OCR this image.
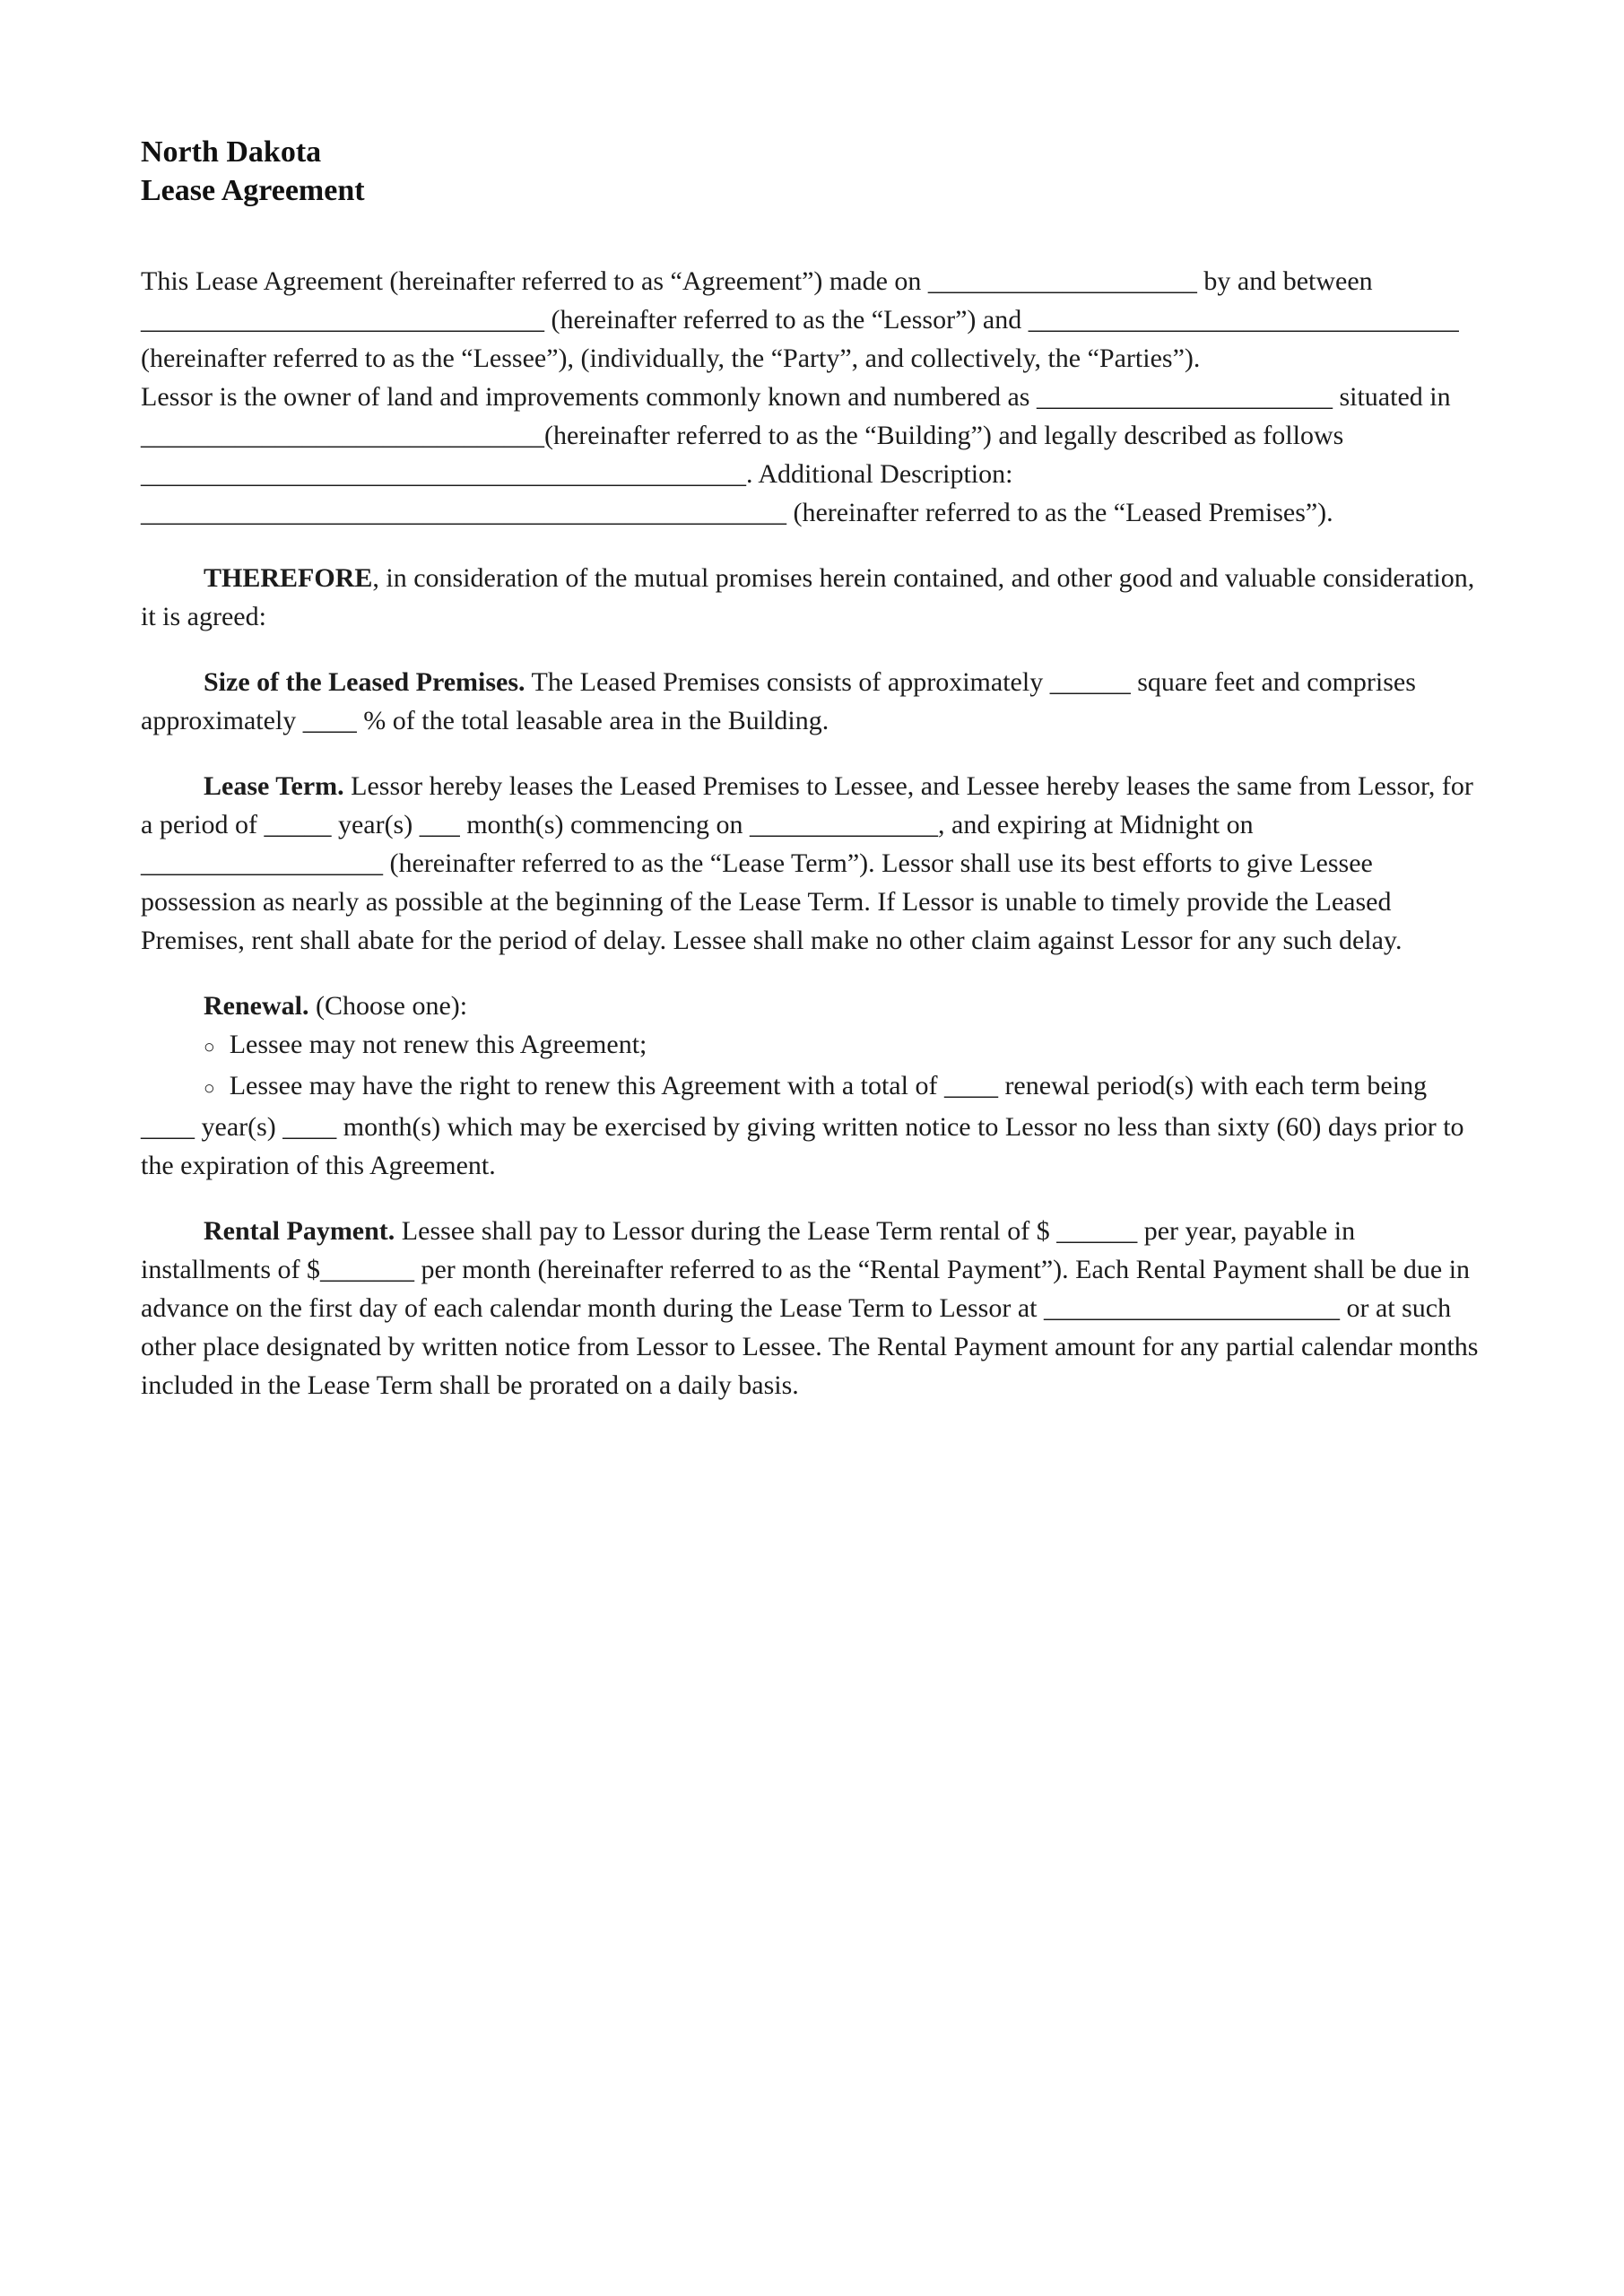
North Dakota
Lease Agreement

This Lease Agreement (hereinafter referred to as “Agreement”) made on ____________________ by and between ______________________________ (hereinafter referred to as the “Lessor”) and ________________________________ (hereinafter referred to as the “Lessee”), (individually, the “Party”, and collectively, the “Parties”).

Lessor is the owner of land and improvements commonly known and numbered as ______________________ situated in ______________________________(hereinafter referred to as the “Building”) and legally described as follows _____________________________________________. Additional Description: ________________________________________________ (hereinafter referred to as the “Leased Premises”).

THEREFORE, in consideration of the mutual promises herein contained, and other good and valuable consideration, it is agreed:

Size of the Leased Premises. The Leased Premises consists of approximately ______ square feet and comprises approximately ____ % of the total leasable area in the Building.

Lease Term. Lessor hereby leases the Leased Premises to Lessee, and Lessee hereby leases the same from Lessor, for a period of _____ year(s) ___ month(s) commencing on ______________, and expiring at Midnight on __________________ (hereinafter referred to as the “Lease Term”). Lessor shall use its best efforts to give Lessee possession as nearly as possible at the beginning of the Lease Term. If Lessor is unable to timely provide the Leased Premises, rent shall abate for the period of delay. Lessee shall make no other claim against Lessor for any such delay.

Renewal. (Choose one):

○ Lessee may not renew this Agreement;

○ Lessee may have the right to renew this Agreement with a total of ____ renewal period(s) with each term being ____ year(s) ____ month(s) which may be exercised by giving written notice to Lessor no less than sixty (60) days prior to the expiration of this Agreement.

Rental Payment. Lessee shall pay to Lessor during the Lease Term rental of $ ______ per year, payable in installments of $_______ per month (hereinafter referred to as the “Rental Payment”). Each Rental Payment shall be due in advance on the first day of each calendar month during the Lease Term to Lessor at ______________________ or at such other place designated by written notice from Lessor to Lessee. The Rental Payment amount for any partial calendar months included in the Lease Term shall be prorated on a daily basis.
